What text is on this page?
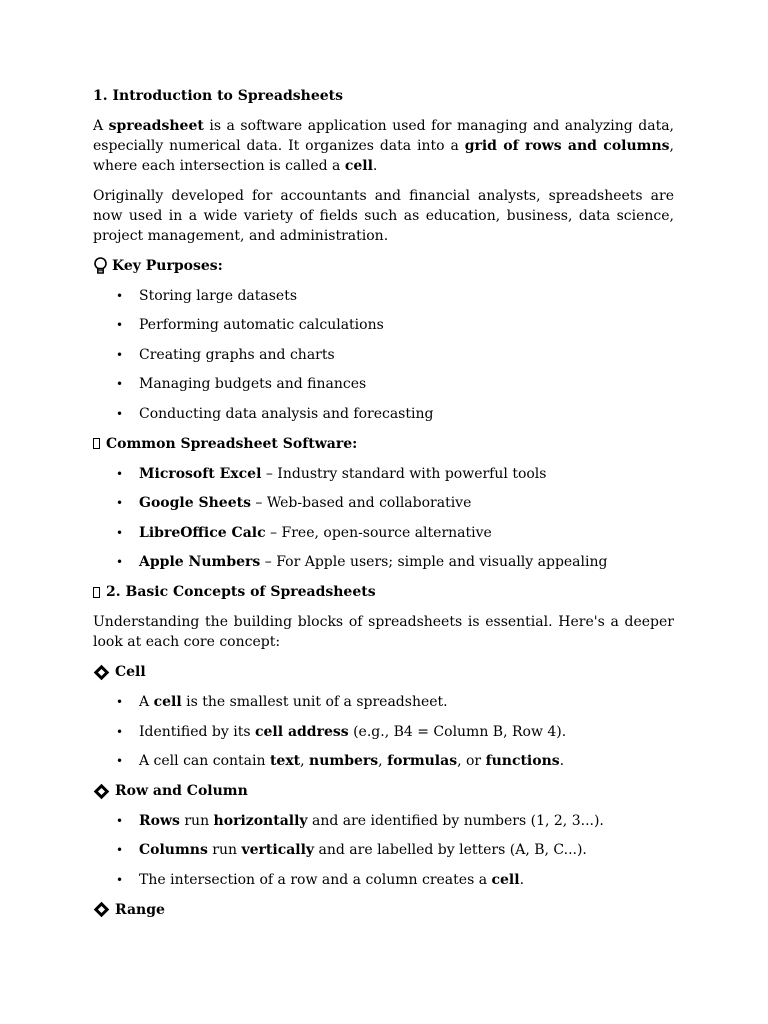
1. Introduction to Spreadsheets

A spreadsheet is a software application used for managing and analyzing data, especially numerical data. It organizes data into a grid of rows and columns, where each intersection is called a cell.

Originally developed for accountants and financial analysts, spreadsheets are now used in a wide variety of fields such as education, business, data science, project management, and administration.

Key Purposes:
• Storing large datasets
• Performing automatic calculations
• Creating graphs and charts
• Managing budgets and finances
• Conducting data analysis and forecasting
Common Spreadsheet Software:
• Microsoft Excel – Industry standard with powerful tools
• Google Sheets – Web-based and collaborative
• LibreOffice Calc – Free, open-source alternative
• Apple Numbers – For Apple users; simple and visually appealing
2. Basic Concepts of Spreadsheets

Understanding the building blocks of spreadsheets is essential. Here's a deeper look at each core concept:

Cell
• A cell is the smallest unit of a spreadsheet.
• Identified by its cell address (e.g., B4 = Column B, Row 4).
• A cell can contain text, numbers, formulas, or functions.
Row and Column
• Rows run horizontally and are identified by numbers (1, 2, 3...).
• Columns run vertically and are labelled by letters (A, B, C...).
• The intersection of a row and a column creates a cell.
Range
